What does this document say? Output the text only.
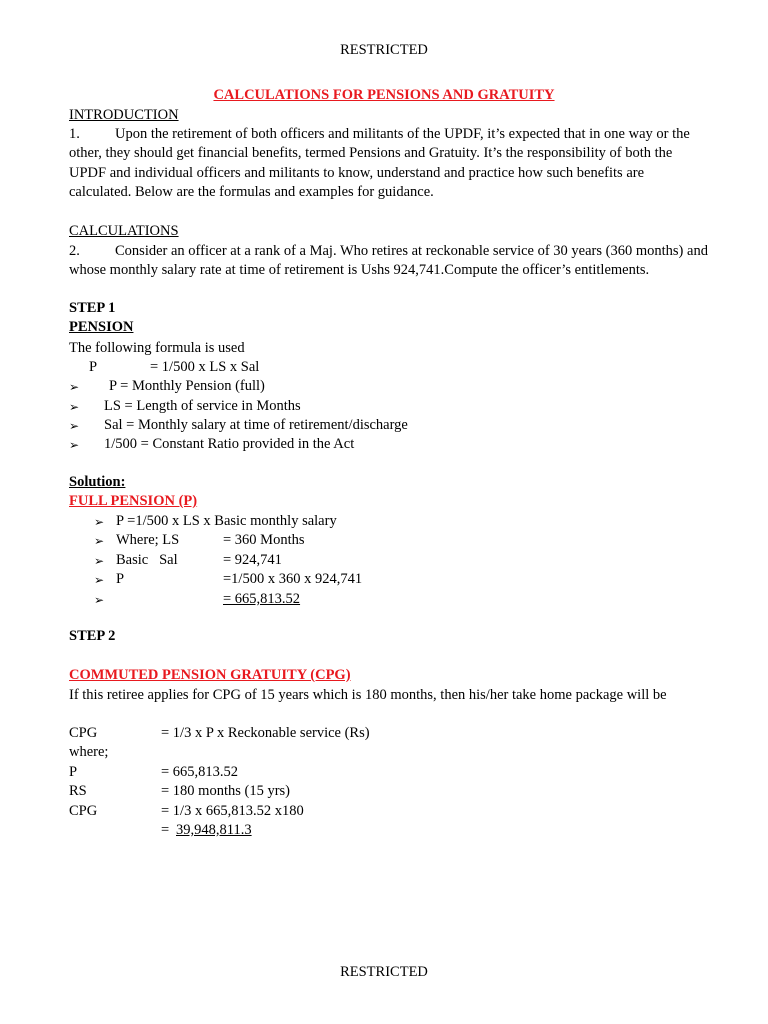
RESTRICTED
CALCULATIONS FOR PENSIONS AND GRATUITY
INTRODUCTION
1. Upon the retirement of both officers and militants of the UPDF, it’s expected that in one way or the other, they should get financial benefits, termed Pensions and Gratuity. It’s the responsibility of both the UPDF and individual officers and militants to know, understand and practice how such benefits are calculated. Below are the formulas and examples for guidance.
CALCULATIONS
2. Consider an officer at a rank of a Maj. Who retires at reckonable service of 30 years (360 months) and whose monthly salary rate at time of retirement is Ushs 924,741.Compute the officer’s entitlements.
STEP 1
PENSION
The following formula is used
P	= 1/500 x LS x Sal
➢ P = Monthly Pension (full)
➢ LS = Length of service in Months
➢ Sal = Monthly salary at time of retirement/discharge
➢ 1/500 = Constant Ratio provided in the Act
Solution:
FULL PENSION (P)
➢ P =1/500 x LS x Basic monthly salary
➢ Where; LS	= 360 Months
➢ Basic   Sal	= 924,741
➢ P	=1/500 x 360 x 924,741
➢	= 665,813.52
STEP 2
COMMUTED PENSION GRATUITY (CPG)
If this retiree applies for CPG of 15 years which is 180 months, then his/her take home package will be
CPG	= 1/3 x P x Reckonable service (Rs)
where;
P	= 665,813.52
RS	= 180 months (15 yrs)
CPG	= 1/3 x 665,813.52 x180
= 39,948,811.3
RESTRICTED
